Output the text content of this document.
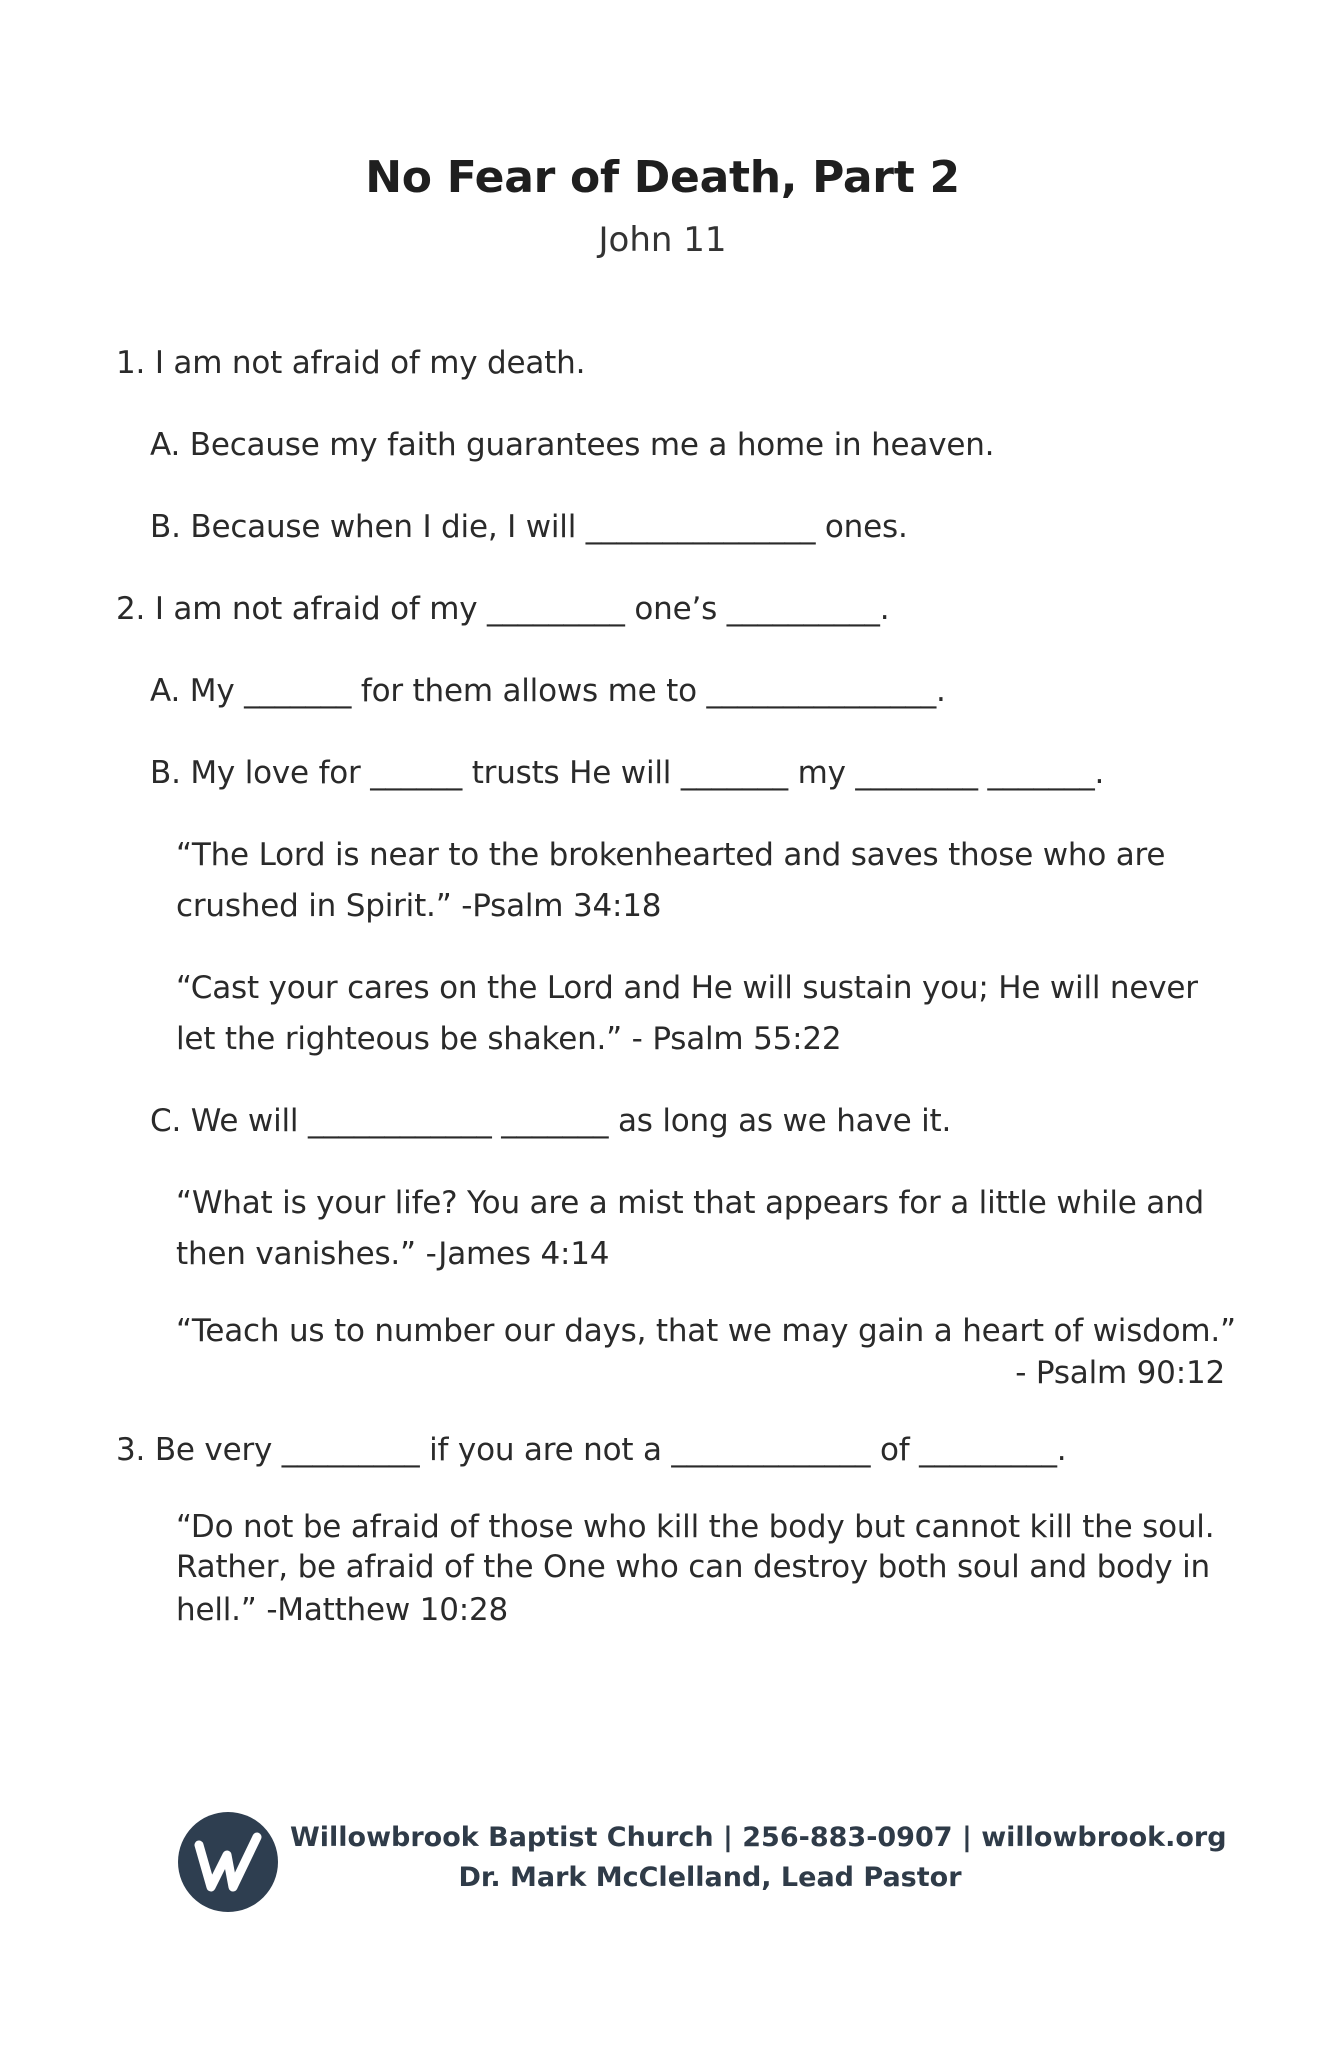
No Fear of Death, Part 2
John 11
1. I am not afraid of my death.
A. Because my faith guarantees me a home in heaven.
B. Because when I die, I will _______________ ones.
2. I am not afraid of my _________ one’s __________.
A. My _______ for them allows me to _______________.
B. My love for ______ trusts He will _______ my ________ _______.
“The Lord is near to the brokenhearted and saves those who are
crushed in Spirit.” -Psalm 34:18
“Cast your cares on the Lord and He will sustain you; He will never
let the righteous be shaken.” - Psalm 55:22
C. We will ____________ _______ as long as we have it.
“What is your life? You are a mist that appears for a little while and
then vanishes.” -James 4:14
“Teach us to number our days, that we may gain a heart of wisdom.”
- Psalm 90:12
3. Be very _________ if you are not a _____________ of _________.
“Do not be afraid of those who kill the body but cannot kill the soul.
Rather, be afraid of the One who can destroy both soul and body in
hell.” -Matthew 10:28
Willowbrook Baptist Church | 256-883-0907 | willowbrook.org
Dr. Mark McClelland, Lead Pastor
